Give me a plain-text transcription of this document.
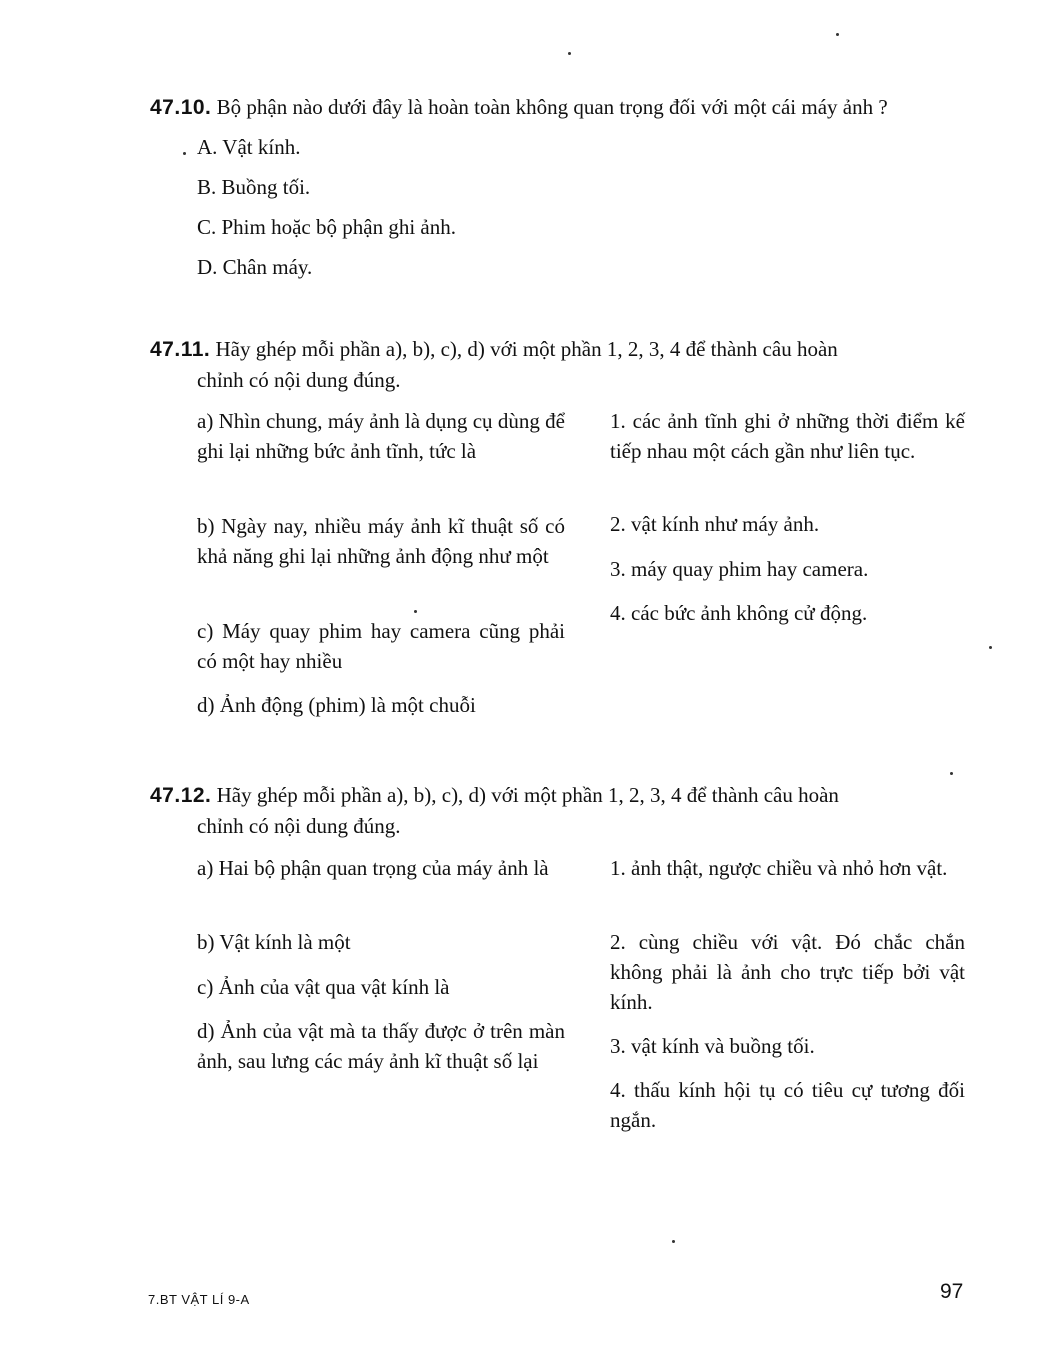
47.10. Bộ phận nào dưới đây là hoàn toàn không quan trọng đối với một cái máy ảnh ?
A. Vật kính.
B. Buồng tối.
C. Phim hoặc bộ phận ghi ảnh.
D. Chân máy.
47.11. Hãy ghép mỗi phần a), b), c), d) với một phần 1, 2, 3, 4 để thành câu hoàn
chỉnh có nội dung đúng.
a) Nhìn chung, máy ảnh là dụng cụ dùng để ghi lại những bức ảnh tĩnh, tức là
b) Ngày nay, nhiều máy ảnh kĩ thuật số có khả năng ghi lại những ảnh động như một
c) Máy quay phim hay camera cũng phải có một hay nhiều
d) Ảnh động (phim) là một chuỗi
1. các ảnh tĩnh ghi ở những thời điểm kế tiếp nhau một cách gần như liên tục.
2. vật kính như máy ảnh.
3. máy quay phim hay camera.
4. các bức ảnh không cử động.
47.12. Hãy ghép mỗi phần a), b), c), d) với một phần 1, 2, 3, 4 để thành câu hoàn
chỉnh có nội dung đúng.
a) Hai bộ phận quan trọng của máy ảnh là
b) Vật kính là một
c) Ảnh của vật qua vật kính là
d) Ảnh của vật mà ta thấy được ở trên màn ảnh, sau lưng các máy ảnh kĩ thuật số lại
1. ảnh thật, ngược chiều và nhỏ hơn vật.
2. cùng chiều với vật. Đó chắc chắn không phải là ảnh cho trực tiếp bởi vật kính.
3. vật kính và buồng tối.
4. thấu kính hội tụ có tiêu cự tương đối ngắn.
7.BT VẬT LÍ 9-A	97
